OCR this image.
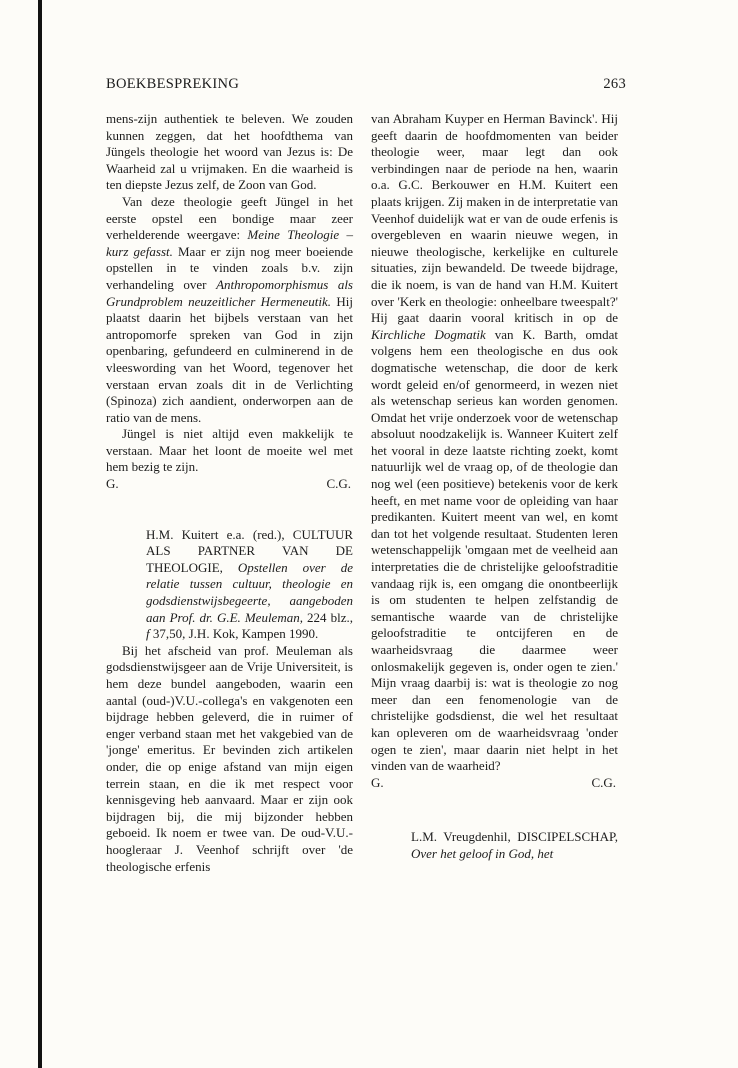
BOEKBESPREKING	263

mens-zijn authentiek te beleven. We zouden kunnen zeggen, dat het hoofdthema van Jüngels theologie het woord van Jezus is: De Waarheid zal u vrijmaken. En die waarheid is ten diepste Jezus zelf, de Zoon van God.

Van deze theologie geeft Jüngel in het eerste opstel een bondige maar zeer verhelderende weergave: Meine Theologie – kurz gefasst. Maar er zijn nog meer boeiende opstellen in te vinden zoals b.v. zijn verhandeling over Anthropomorphismus als Grundproblem neuzeitlicher Hermeneutik. Hij plaatst daarin het bijbels verstaan van het antropomorfe spreken van God in zijn openbaring, gefundeerd en culminerend in de vleeswording van het Woord, tegenover het verstaan ervan zoals dit in de Verlichting (Spinoza) zich aandient, onderworpen aan de ratio van de mens.

Jüngel is niet altijd even makkelijk te verstaan. Maar het loont de moeite wel met hem bezig te zijn.

G.	C.G.

H.M. Kuitert e.a. (red.), CULTUUR ALS PARTNER VAN DE THEOLOGIE, Opstellen over de relatie tussen cultuur, theologie en godsdienstwijsbegeerte, aangeboden aan Prof. dr. G.E. Meuleman, 224 blz., f 37,50, J.H. Kok, Kampen 1990.

Bij het afscheid van prof. Meuleman als godsdienstwijsgeer aan de Vrije Universiteit, is hem deze bundel aangeboden, waarin een aantal (oud-)V.U.-collega's en vakgenoten een bijdrage hebben geleverd, die in ruimer of enger verband staan met het vakgebied van de 'jonge' emeritus. Er bevinden zich artikelen onder, die op enige afstand van mijn eigen terrein staan, en die ik met respect voor kennisgeving heb aanvaard. Maar er zijn ook bijdragen bij, die mij bijzonder hebben geboeid. Ik noem er twee van. De oud-V.U.-hoogleraar J. Veenhof schrijft over 'de theologische erfenis

van Abraham Kuyper en Herman Bavinck'. Hij geeft daarin de hoofdmomenten van beider theologie weer, maar legt dan ook verbindingen naar de periode na hen, waarin o.a. G.C. Berkouwer en H.M. Kuitert een plaats krijgen. Zij maken in de interpretatie van Veenhof duidelijk wat er van de oude erfenis is overgebleven en waarin nieuwe wegen, in nieuwe theologische, kerkelijke en culturele situaties, zijn bewandeld. De tweede bijdrage, die ik noem, is van de hand van H.M. Kuitert over 'Kerk en theologie: onheelbare tweespalt?' Hij gaat daarin vooral kritisch in op de Kirchliche Dogmatik van K. Barth, omdat volgens hem een theologische en dus ook dogmatische wetenschap, die door de kerk wordt geleid en/of genormeerd, in wezen niet als wetenschap serieus kan worden genomen. Omdat het vrije onderzoek voor de wetenschap absoluut noodzakelijk is. Wanneer Kuitert zelf het vooral in deze laatste richting zoekt, komt natuurlijk wel de vraag op, of de theologie dan nog wel (een positieve) betekenis voor de kerk heeft, en met name voor de opleiding van haar predikanten. Kuitert meent van wel, en komt dan tot het volgende resultaat. Studenten leren wetenschappelijk 'omgaan met de veelheid aan interpretaties die de christelijke geloofstraditie vandaag rijk is, een omgang die onontbeerlijk is om studenten te helpen zelfstandig de semantische waarde van de christelijke geloofstraditie te ontcijferen en de waarheidsvraag die daarmee weer onlosmakelijk gegeven is, onder ogen te zien.' Mijn vraag daarbij is: wat is theologie zo nog meer dan een fenomenologie van de christelijke godsdienst, die wel het resultaat kan opleveren om de waarheidsvraag 'onder ogen te zien', maar daarin niet helpt in het vinden van de waarheid?

G.	C.G.

L.M. Vreugdenhil, DISCIPELSCHAP, Over het geloof in God, het
